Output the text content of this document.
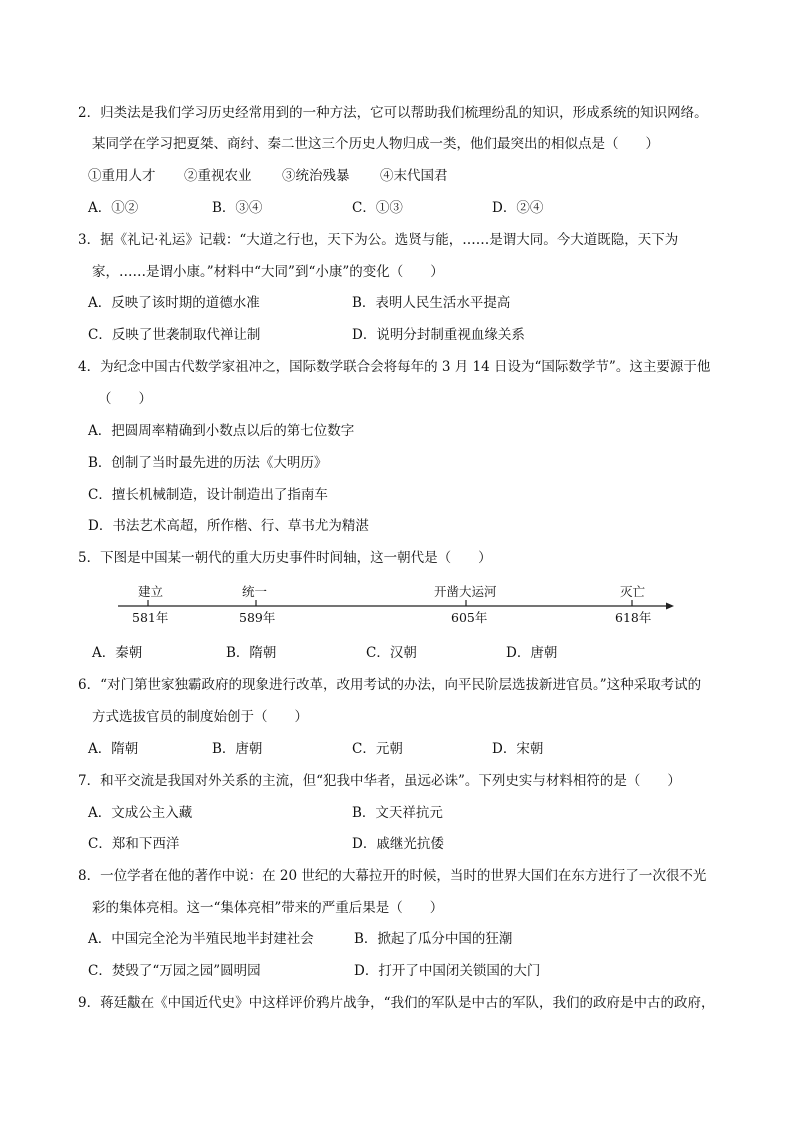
2．归类法是我们学习历史经常用到的一种方法，它可以帮助我们梳理纷乱的知识，形成系统的知识网络。
某同学在学习把夏桀、商纣、秦二世这三个历史人物归成一类，他们最突出的相似点是（　　）
①重用人才 ②重视农业 ③统治残暴 ④末代国君
A．①②	B．③④	C．①③	D．②④
3．据《礼记·礼运》记载：“大道之行也，天下为公。选贤与能，……是谓大同。今大道既隐，天下为
家，……是谓小康。”材料中“大同”到“小康”的变化（　　）
A．反映了该时期的道德水准	B．表明人民生活水平提高
C．反映了世袭制取代禅让制	D．说明分封制重视血缘关系
4．为纪念中国古代数学家祖冲之，国际数学联合会将每年的 3 月 14 日设为“国际数学节”。这主要源于他
（　　）
A．把圆周率精确到小数点以后的第七位数字
B．创制了当时最先进的历法《大明历》
C．擅长机械制造，设计制造出了指南车
D．书法艺术高超，所作楷、行、草书尤为精湛
5．下图是中国某一朝代的重大历史事件时间轴，这一朝代是（　　）
建立
581年
统一
589年
开凿大运河
605年
灭亡
618年
A．秦朝	B．隋朝	C．汉朝	D．唐朝
6．“对门第世家独霸政府的现象进行改革，改用考试的办法，向平民阶层选拔新进官员。”这种采取考试的
方式选拔官员的制度始创于（　　）
A．隋朝	B．唐朝	C．元朝	D．宋朝
7．和平交流是我国对外关系的主流，但“犯我中华者，虽远必诛”。下列史实与材料相符的是（　　）
A．文成公主入藏	B．文天祥抗元
C．郑和下西洋	D．戚继光抗倭
8．一位学者在他的著作中说：在 20 世纪的大幕拉开的时候，当时的世界大国们在东方进行了一次很不光
彩的集体亮相。这一“集体亮相”带来的严重后果是（　　）
A．中国完全沦为半殖民地半封建社会	B．掀起了瓜分中国的狂潮
C．焚毁了“万园之园”圆明园	D．打开了中国闭关锁国的大门
9．蒋廷黻在《中国近代史》中这样评价鸦片战争，“我们的军队是中古的军队，我们的政府是中古的政府，
